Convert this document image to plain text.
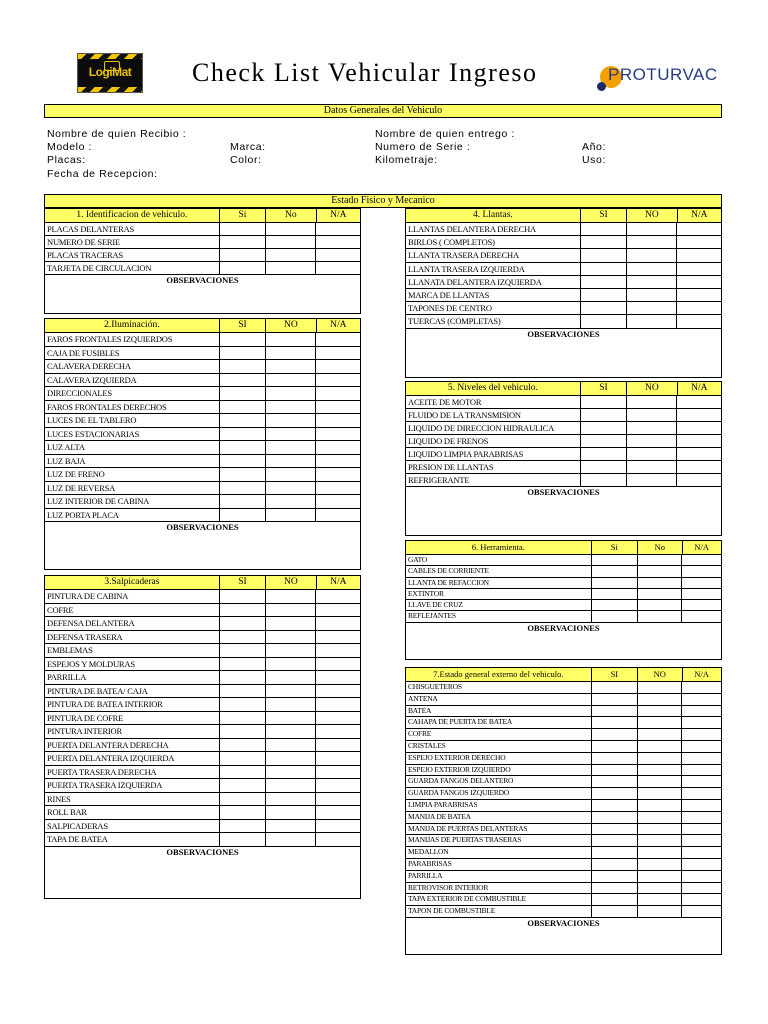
LogiMat	Check List Vehicular Ingreso	PROTURVAC
Datos Generales del Vehiculo
Nombre de quien Recibio :
Modelo :
Placas:
Fecha de Recepcion:
Marca:
Color:
Nombre de quien entrego :
Numero de Serie :
Kilometraje:
Año:
Uso:
Estado Fisico y Mecanico
1. Identificacion de vehiculo.	Si	No	N/A
PLACAS DELANTERAS
NUMERO DE SERIE
PLACAS TRACERAS
TARJETA DE CIRCULACION
OBSERVACIONES
2.Iluminación.	SI	NO	N/A
FAROS FRONTALES IZQUIERDOS
CAJA DE FUSIBLES
CALAVERA DERECHA
CALAVERA IZQUIERDA
DIRECCIONALES
FAROS FRONTALES DERECHOS
LUCES DE EL TABLERO
LUCES ESTACIONARIAS
LUZ ALTA
LUZ BAJA
LUZ DE FRENO
LUZ DE REVERSA
LUZ INTERIOR DE CABINA
LUZ PORTA PLACA
OBSERVACIONES
3.Salpicaderas	SI	NO	N/A
PINTURA DE CABINA
COFRE
DEFENSA DELANTERA
DEFENSA TRASERA
EMBLEMAS
ESPEJOS Y MOLDURAS
PARRILLA
PINTURA DE BATEA/ CAJA
PINTURA DE BATEA INTERIOR
PINTURA DE COFRE
PINTURA INTERIOR
PUERTA DELANTERA DERECHA
PUERTA DELANTERA IZQUIERDA
PUERTA TRASERA DERECHA
PUERTA TRASERA IZQUIERDA
RINES
ROLL BAR
SALPICADERAS
TAPA DE BATEA
OBSERVACIONES
4. Llantas.	SI	NO	N/A
LLANTAS DELANTERA DERECHA
BIRLOS ( COMPLETOS)
LLANTA TRASERA DERECHA
LLANTA TRASERA IZQUIERDA
LLANATA DELANTERA IZQUIERDA
MARCA DE LLANTAS
TAPONES DE CENTRO
TUERCAS (COMPLETAS)
OBSERVACIONES
5. Niveles del vehiculo.	SI	NO	N/A
ACEITE DE MOTOR
FLUIDO DE LA TRANSMISION
LIQUIDO DE DIRECCION HIDRAULICA
LIQUIDO DE FRENOS
LIQUIDO LIMPIA PARABRISAS
PRESION DE LLANTAS
REFRIGERANTE
OBSERVACIONES
6. Herramienta.	Si	No	N/A
GATO
CABLES DE CORRIENTE
LLANTA DE REFACCION
EXTINTOR
LLAVE DE CRUZ
REFLEJANTES
OBSERVACIONES
7.Estado general externo del vehiculo.	SI	NO	N/A
CHISGUETEROS
ANTENA
BATEA
CAHAPA DE PUERTA DE BATEA
COFRE
CRISTALES
ESPEJO EXTERIOR DERECHO
ESPEJO EXTERIOR IZQUIERDO
GUARDA FANGOS DELANTERO
GUARDA FANGOS IZQUIERDO
LIMPIA PARABRISAS
MANIJA DE BATEA
MANIJA DE PUERTAS DELANTERAS
MANIJAS DE PUERTAS TRASERAS
MEDALLON
PARABRISAS
PARRILLA
RETROVISOR INTERIOR
TAPA EXTERIOR DE COMBUSTIBLE
TAPON DE COMBUSTIBLE
OBSERVACIONES
